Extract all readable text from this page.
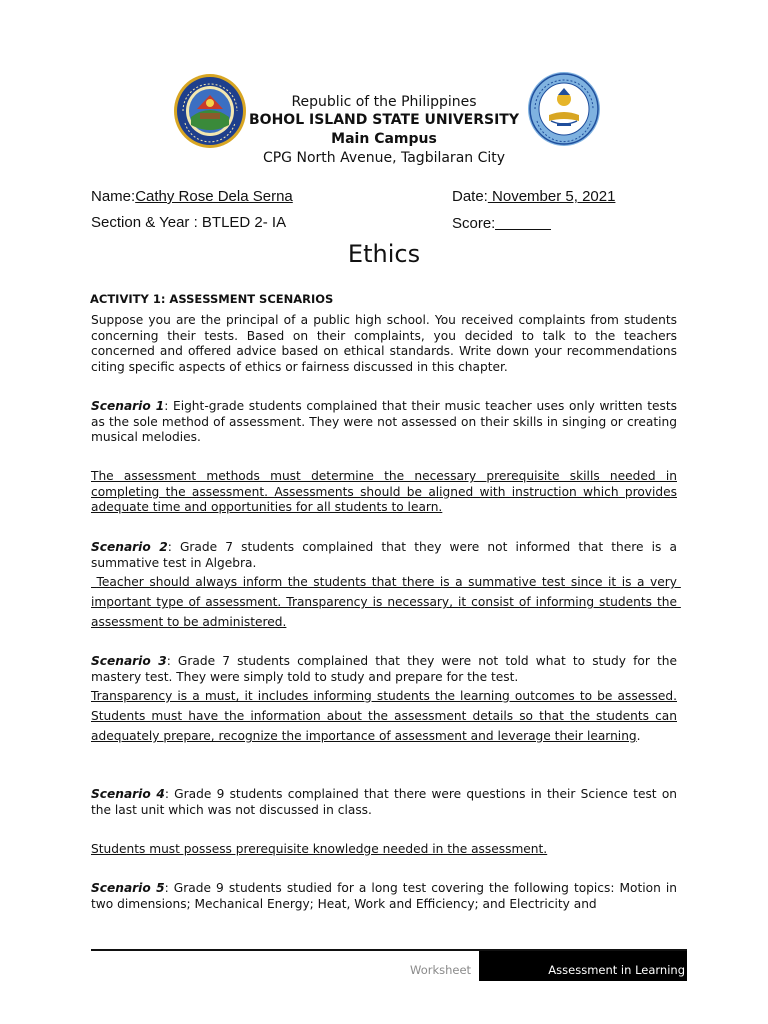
Republic of the Philippines
BOHOL ISLAND STATE UNIVERSITY
Main Campus
CPG North Avenue, Tagbilaran City
Name:Cathy Rose Dela Serna	Date: November 5, 2021
Section & Year : BTLED 2- IA	Score:
Ethics
ACTIVITY 1: ASSESSMENT SCENARIOS
Suppose you are the principal of a public high school. You received complaints from students concerning their tests. Based on their complaints, you decided to talk to the teachers concerned and offered advice based on ethical standards. Write down your recommendations citing specific aspects of ethics or fairness discussed in this chapter.
Scenario 1: Eight-grade students complained that their music teacher uses only written tests as the sole method of assessment. They were not assessed on their skills in singing or creating musical melodies.
The assessment methods must determine the necessary prerequisite skills needed in completing the assessment. Assessments should be aligned with instruction which provides adequate time and opportunities for all students to learn.
Scenario 2: Grade 7 students complained that they were not informed that there is a summative test in Algebra.
Teacher should always inform the students that there is a summative test since it is a very important type of assessment. Transparency is necessary, it consist of informing students the assessment to be administered.
Scenario 3: Grade 7 students complained that they were not told what to study for the mastery test. They were simply told to study and prepare for the test.
Transparency is a must, it includes informing students the learning outcomes to be assessed. Students must have the information about the assessment details so that the students can adequately prepare, recognize the importance of assessment and leverage their learning.
Scenario 4: Grade 9 students complained that there were questions in their Science test on the last unit which was not discussed in class.
Students must possess prerequisite knowledge needed in the assessment.
Scenario 5: Grade 9 students studied for a long test covering the following topics: Motion in two dimensions; Mechanical Energy; Heat, Work and Efficiency; and Electricity and
Worksheet	Assessment in Learning
